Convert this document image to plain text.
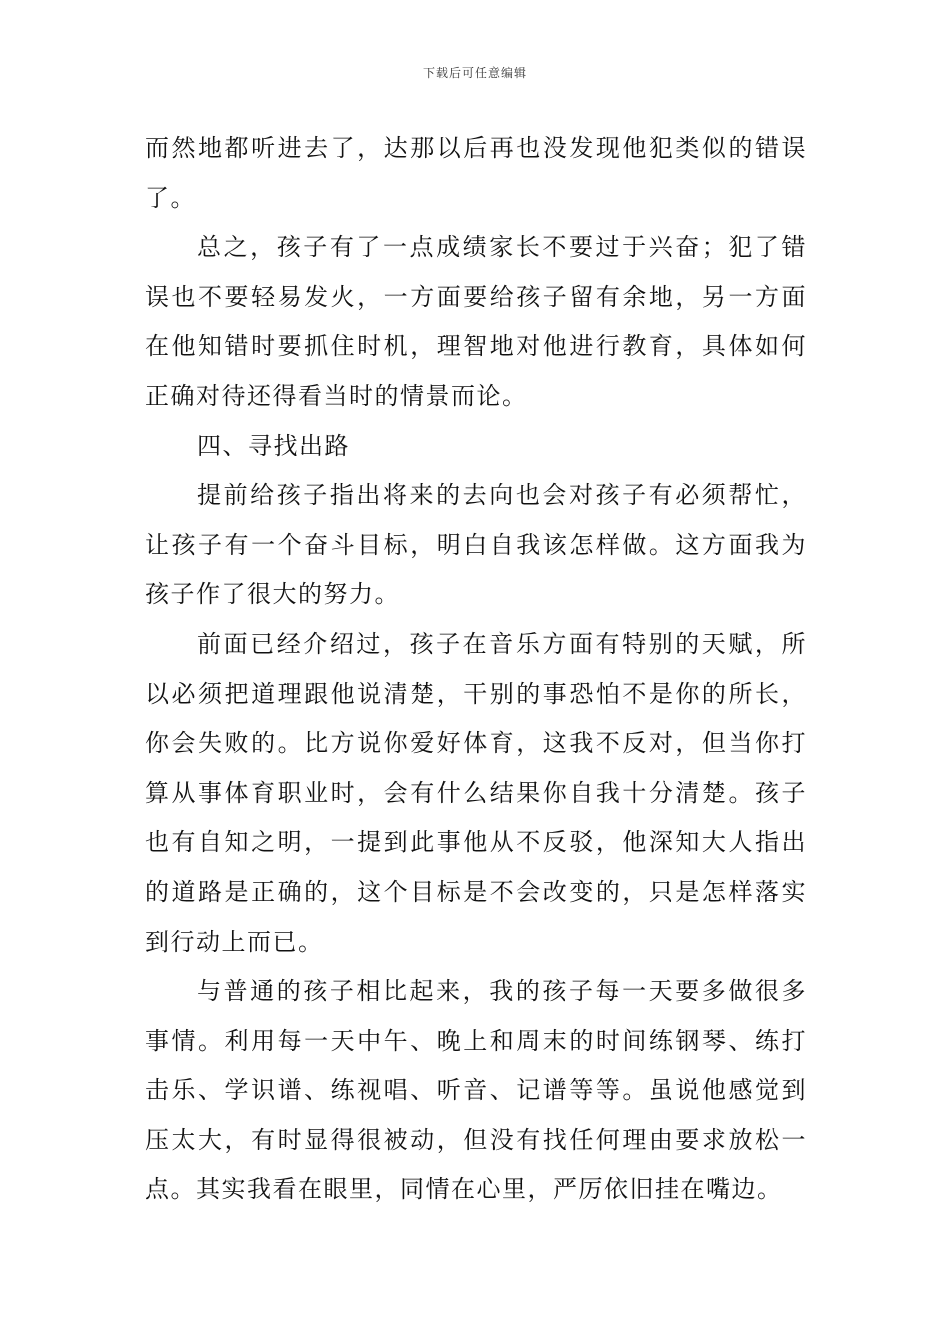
下载后可任意编辑

而然地都听进去了，达那以后再也没发现他犯类似的错误了。

总之，孩子有了一点成绩家长不要过于兴奋；犯了错误也不要轻易发火，一方面要给孩子留有余地，另一方面在他知错时要抓住时机，理智地对他进行教育，具体如何正确对待还得看当时的情景而论。

四、寻找出路

提前给孩子指出将来的去向也会对孩子有必须帮忙，让孩子有一个奋斗目标，明白自我该怎样做。这方面我为孩子作了很大的努力。

前面已经介绍过，孩子在音乐方面有特别的天赋，所以必须把道理跟他说清楚，干别的事恐怕不是你的所长，你会失败的。比方说你爱好体育，这我不反对，但当你打算从事体育职业时，会有什么结果你自我十分清楚。孩子也有自知之明，一提到此事他从不反驳，他深知大人指出的道路是正确的，这个目标是不会改变的，只是怎样落实到行动上而已。

与普通的孩子相比起来，我的孩子每一天要多做很多事情。利用每一天中午、晚上和周末的时间练钢琴、练打击乐、学识谱、练视唱、听音、记谱等等。虽说他感觉到压太大，有时显得很被动，但没有找任何理由要求放松一点。其实我看在眼里，同情在心里，严厉依旧挂在嘴边。
